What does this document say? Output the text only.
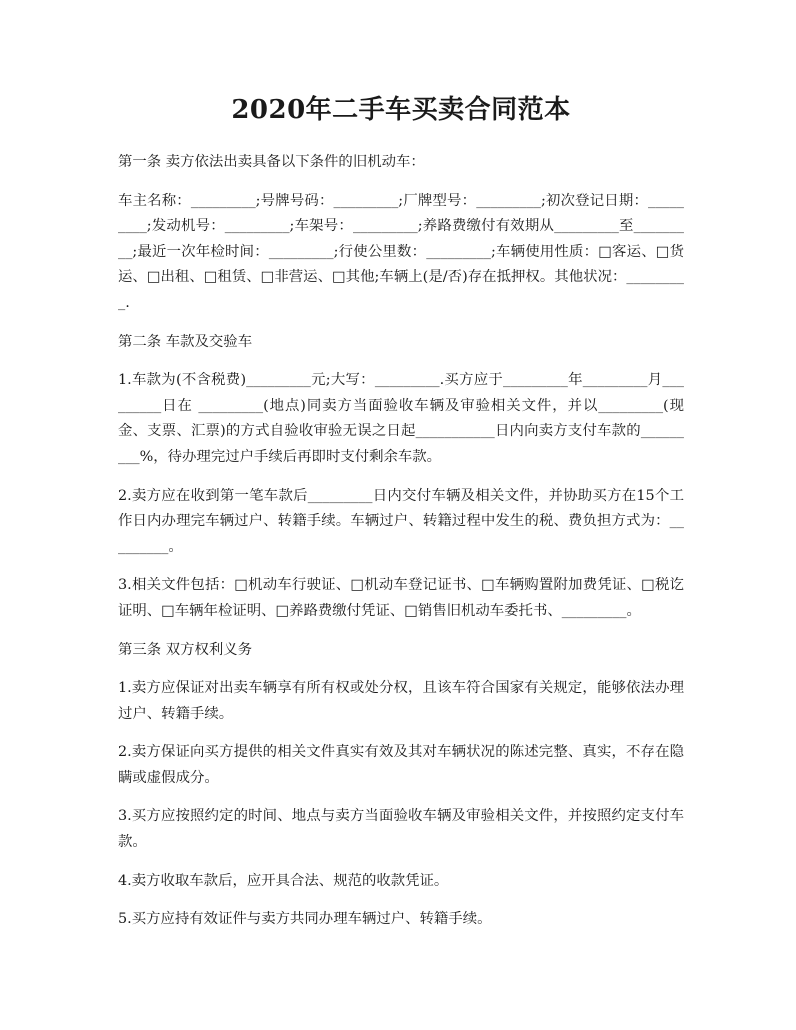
2020年二手车买卖合同范本
第一条 卖方依法出卖具备以下条件的旧机动车：
车主名称：_________;号牌号码：_________;厂牌型号：_________;初次登记日期：_________;发动机号：_________;车架号：_________;养路费缴付有效期从_________至_________;最近一次年检时间：_________;行使公里数：_________;车辆使用性质：□客运、□货运、□出租、□租赁、□非营运、□其他;车辆上(是/否)存在抵押权。其他状况：_________.
第二条 车款及交验车
1.车款为(不含税费)_________元;大写：_________.买方应于_________年_________月_________日在 _________(地点)同卖方当面验收车辆及审验相关文件，并以_________(现金、支票、汇票)的方式自验收审验无误之日起___________日内向卖方支付车款的_________%，待办理完过户手续后再即时支付剩余车款。
2.卖方应在收到第一笔车款后_________日内交付车辆及相关文件，并协助买方在15个工作日内办理完车辆过户、转籍手续。车辆过户、转籍过程中发生的税、费负担方式为：_________。
3.相关文件包括：□机动车行驶证、□机动车登记证书、□车辆购置附加费凭证、□税讫证明、□车辆年检证明、□养路费缴付凭证、□销售旧机动车委托书、_________。
第三条 双方权利义务
1.卖方应保证对出卖车辆享有所有权或处分权，且该车符合国家有关规定，能够依法办理过户、转籍手续。
2.卖方保证向买方提供的相关文件真实有效及其对车辆状况的陈述完整、真实，不存在隐瞒或虚假成分。
3.买方应按照约定的时间、地点与卖方当面验收车辆及审验相关文件，并按照约定支付车款。
4.卖方收取车款后，应开具合法、规范的收款凭证。
5.买方应持有效证件与卖方共同办理车辆过户、转籍手续。
